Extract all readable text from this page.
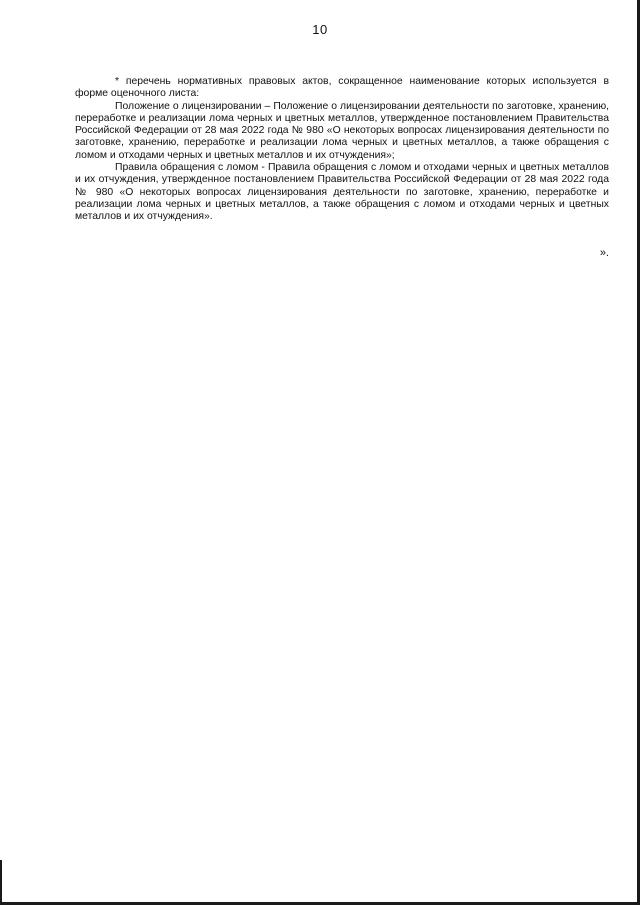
10

* перечень нормативных правовых актов, сокращенное наименование которых используется в форме оценочного листа:

Положение о лицензировании – Положение о лицензировании деятельности по заготовке, хранению, переработке и реализации лома черных и цветных металлов, утвержденное постановлением Правительства Российской Федерации от 28 мая 2022 года № 980 «О некоторых вопросах лицензирования деятельности по заготовке, хранению, переработке и реализации лома черных и цветных металлов, а также обращения с ломом и отходами черных и цветных металлов и их отчуждения»;

Правила обращения с ломом - Правила обращения с ломом и отходами черных и цветных металлов и их отчуждения, утвержденное постановлением Правительства Российской Федерации от 28 мая 2022 года № 980 «О некоторых вопросах лицензирования деятельности по заготовке, хранению, переработке и реализации лома черных и цветных металлов, а также обращения с ломом и отходами черных и цветных металлов и их отчуждения».

».
